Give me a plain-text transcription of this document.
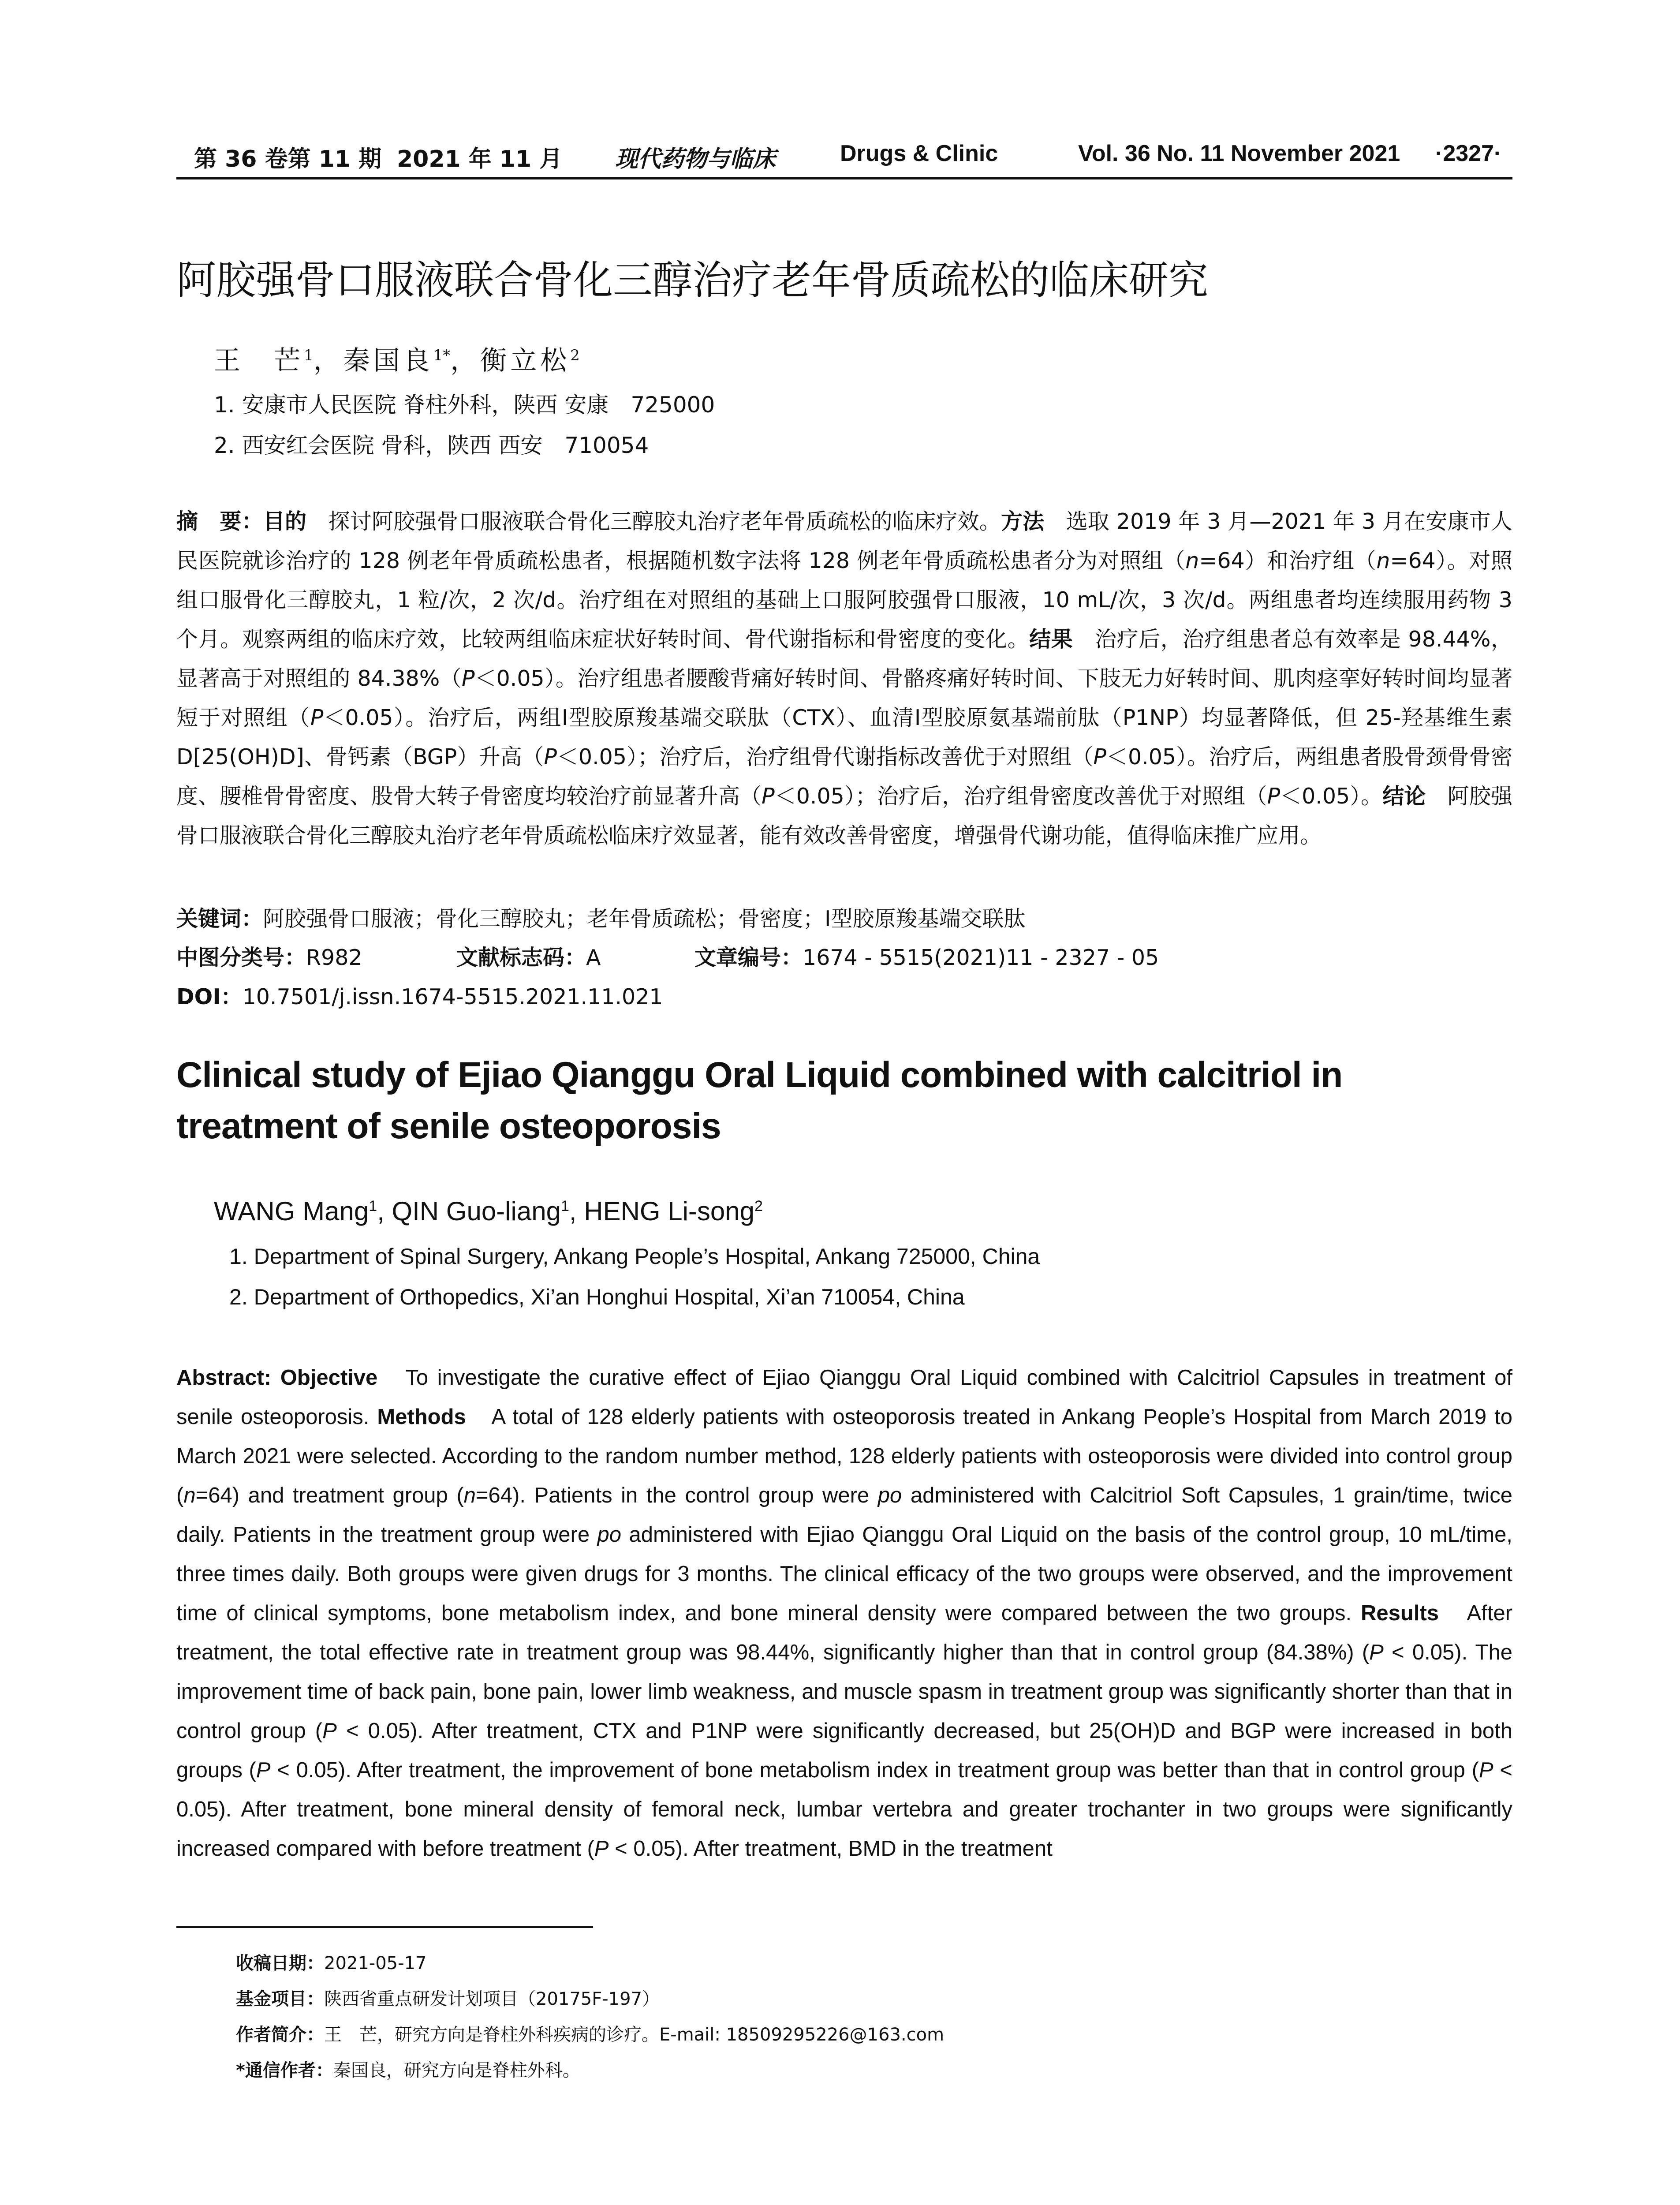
第 36 卷第 11 期 2021 年 11 月 现代药物与临床	Drugs & Clinic	Vol. 36 No. 11 November 2021 ·2327·
阿胶强骨口服液联合骨化三醇治疗老年骨质疏松的临床研究
王　芒$^1$，秦国良$^{1*}$，衡立松$^2$
1. 安康市人民医院 脊柱外科，陕西 安康　725000
2. 西安红会医院 骨科，陕西 西安　710054

摘　要：目的　探讨阿胶强骨口服液联合骨化三醇胶丸治疗老年骨质疏松的临床疗效。方法　选取 2019 年 3 月—2021 年 3 月在安康市人民医院就诊治疗的 128 例老年骨质疏松患者，根据随机数字法将 128 例老年骨质疏松患者分为对照组（n=64）和治疗组（n=64）。对照组口服骨化三醇胶丸，1 粒/次，2 次/d。治疗组在对照组的基础上口服阿胶强骨口服液，10 mL/次，3 次/d。两组患者均连续服用药物 3 个月。观察两组的临床疗效，比较两组临床症状好转时间、骨代谢指标和骨密度的变化。结果　治疗后，治疗组患者总有效率是 98.44%，显著高于对照组的 84.38%（P＜0.05）。治疗组患者腰酸背痛好转时间、骨骼疼痛好转时间、下肢无力好转时间、肌肉痉挛好转时间均显著短于对照组（P＜0.05）。治疗后，两组Ⅰ型胶原羧基端交联肽（CTX）、血清Ⅰ型胶原氨基端前肽（P1NP）均显著降低，但 25-羟基维生素 D[25(OH)D]、骨钙素（BGP）升高（P＜0.05）；治疗后，治疗组骨代谢指标改善优于对照组（P＜0.05）。治疗后，两组患者股骨颈骨骨密度、腰椎骨骨密度、股骨大转子骨密度均较治疗前显著升高（P＜0.05）；治疗后，治疗组骨密度改善优于对照组（P＜0.05）。结论　阿胶强骨口服液联合骨化三醇胶丸治疗老年骨质疏松临床疗效显著，能有效改善骨密度，增强骨代谢功能，值得临床推广应用。

关键词：阿胶强骨口服液；骨化三醇胶丸；老年骨质疏松；骨密度；Ⅰ型胶原羧基端交联肽
中图分类号：R982	文献标志码：A	文章编号：1674 - 5515(2021)11 - 2327 - 05
DOI：10.7501/j.issn.1674-5515.2021.11.021

Clinical study of Ejiao Qianggu Oral Liquid combined with calcitriol in treatment of senile osteoporosis

WANG Mang$^1$, QIN Guo-liang$^1$, HENG Li-song$^2$
1. Department of Spinal Surgery, Ankang People’s Hospital, Ankang 725000, China
2. Department of Orthopedics, Xi’an Honghui Hospital, Xi’an 710054, China

Abstract: Objective　To investigate the curative effect of Ejiao Qianggu Oral Liquid combined with Calcitriol Capsules in treatment of senile osteoporosis. Methods　A total of 128 elderly patients with osteoporosis treated in Ankang People’s Hospital from March 2019 to March 2021 were selected. According to the random number method, 128 elderly patients with osteoporosis were divided into control group (n=64) and treatment group (n=64). Patients in the control group were po administered with Calcitriol Soft Capsules, 1 grain/time, twice daily. Patients in the treatment group were po administered with Ejiao Qianggu Oral Liquid on the basis of the control group, 10 mL/time, three times daily. Both groups were given drugs for 3 months. The clinical efficacy of the two groups were observed, and the improvement time of clinical symptoms, bone metabolism index, and bone mineral density were compared between the two groups. Results　After treatment, the total effective rate in treatment group was 98.44%, significantly higher than that in control group (84.38%) (P < 0.05). The improvement time of back pain, bone pain, lower limb weakness, and muscle spasm in treatment group was significantly shorter than that in control group (P < 0.05). After treatment, CTX and P1NP were significantly decreased, but 25(OH)D and BGP were increased in both groups (P < 0.05). After treatment, the improvement of bone metabolism index in treatment group was better than that in control group (P < 0.05). After treatment, bone mineral density of femoral neck, lumbar vertebra and greater trochanter in two groups were significantly increased compared with before treatment (P < 0.05). After treatment, BMD in the treatment

收稿日期：2021-05-17
基金项目：陕西省重点研发计划项目（20175F-197）
作者简介：王　芒，研究方向是脊柱外科疾病的诊疗。E-mail: 18509295226@163.com
*通信作者：秦国良，研究方向是脊柱外科。
